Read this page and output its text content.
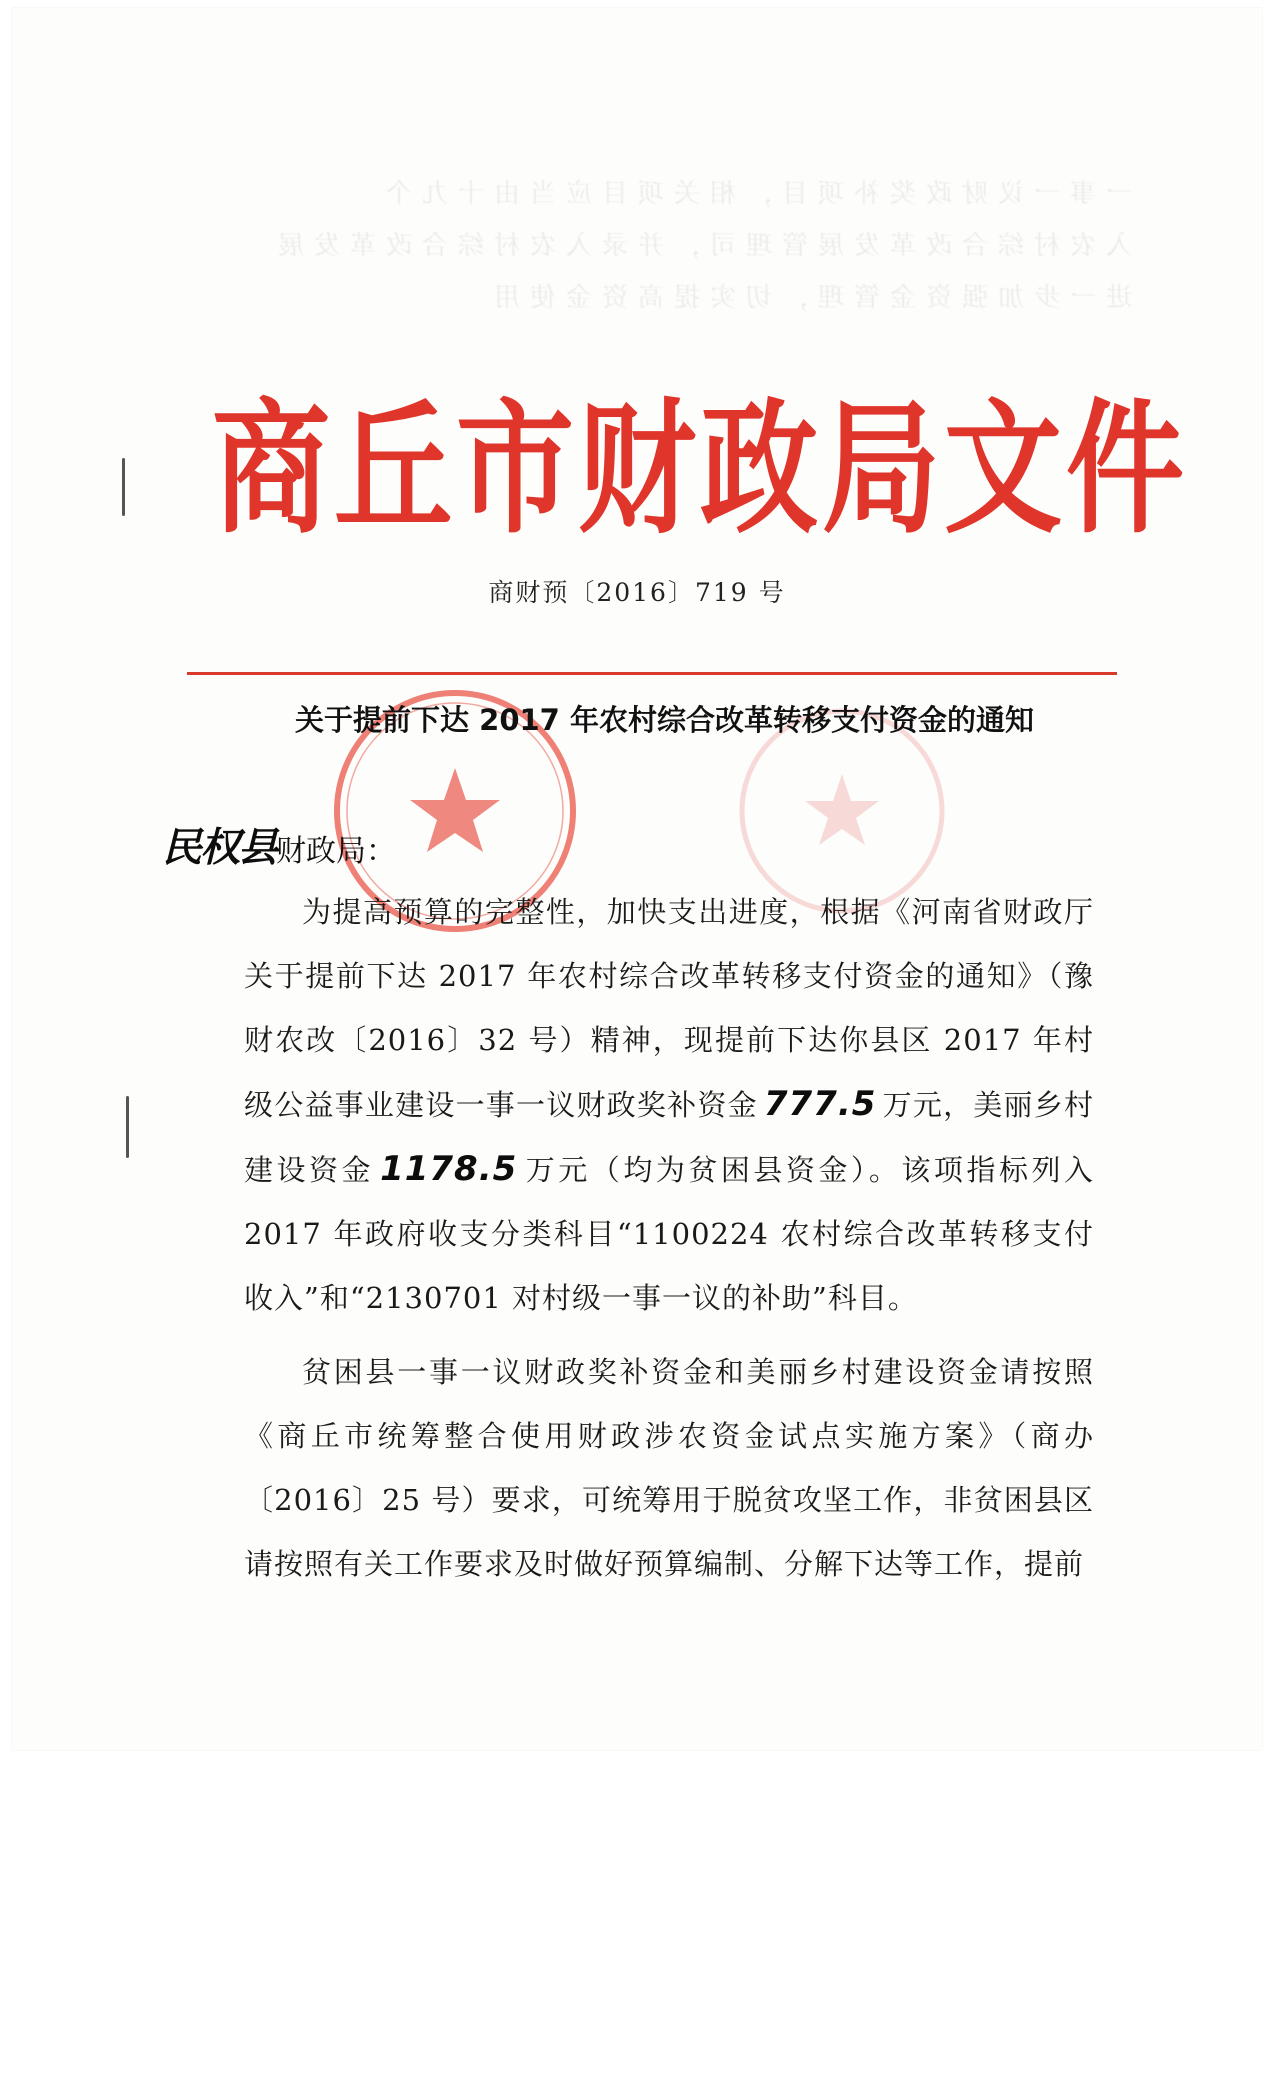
一事一议财政奖补项目，相关项目应当由十九个
入农村综合改革发展管理司，并录入农村综合改革发展
进一步加强资金管理，切实提高资金使用
商丘市财政局文件
商财预〔2016〕719 号
关于提前下达 2017 年农村综合改革转移支付资金的通知
民权县财政局：

为提高预算的完整性，加快支出进度，根据《河南省财政厅关于提前下达 2017 年农村综合改革转移支付资金的通知》（豫财农改〔2016〕32 号）精神，现提前下达你县区 2017 年村级公益事业建设一事一议财政奖补资金 777.5 万元，美丽乡村建设资金 1178.5 万元（均为贫困县资金）。该项指标列入 2017 年政府收支分类科目“1100224 农村综合改革转移支付收入”和“2130701 对村级一事一议的补助”科目。

贫困县一事一议财政奖补资金和美丽乡村建设资金请按照《商丘市统筹整合使用财政涉农资金试点实施方案》（商办〔2016〕25 号）要求，可统筹用于脱贫攻坚工作，非贫困县区请按照有关工作要求及时做好预算编制、分解下达等工作，提前
